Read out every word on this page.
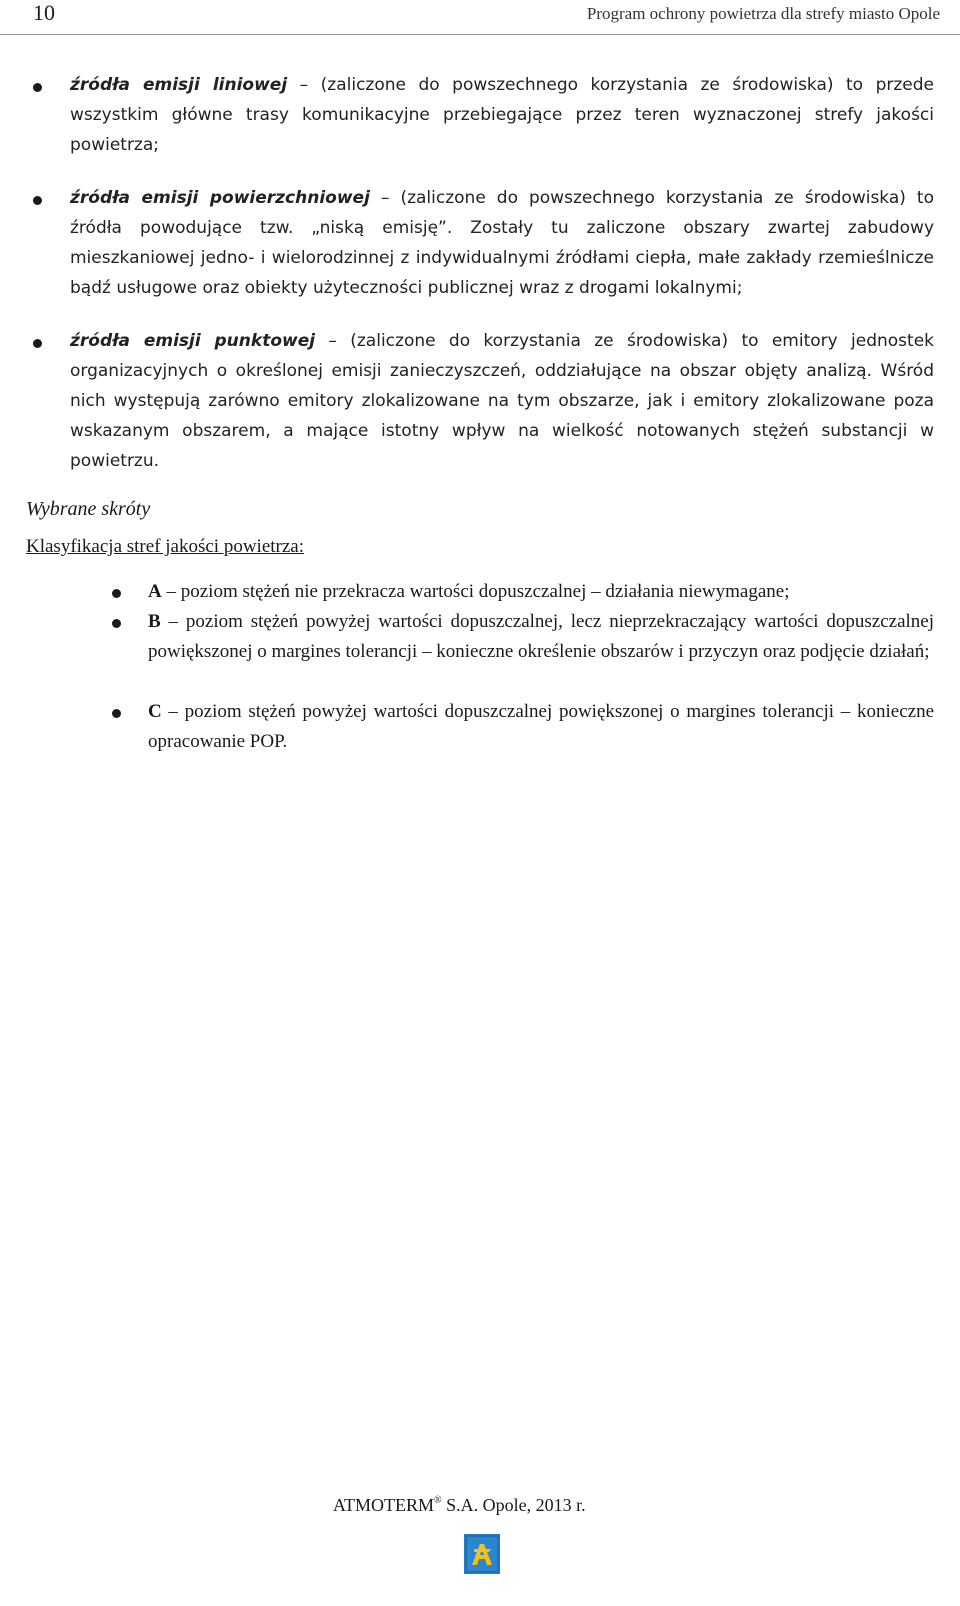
10	Program ochrony powietrza dla strefy miasto Opole

źródła emisji liniowej – (zaliczone do powszechnego korzystania ze środowiska) to przede wszystkim główne trasy komunikacyjne przebiegające przez teren wyznaczonej strefy jakości powietrza;

źródła emisji powierzchniowej – (zaliczone do powszechnego korzystania ze środowiska) to źródła powodujące tzw. „niską emisję”. Zostały tu zaliczone obszary zwartej zabudowy mieszkaniowej jedno- i wielorodzinnej z indywidualnymi źródłami ciepła, małe zakłady rzemieślnicze bądź usługowe oraz obiekty użyteczności publicznej wraz z drogami lokalnymi;

źródła emisji punktowej – (zaliczone do korzystania ze środowiska) to emitory jednostek organizacyjnych o określonej emisji zanieczyszczeń, oddziałujące na obszar objęty analizą. Wśród nich występują zarówno emitory zlokalizowane na tym obszarze, jak i emitory zlokalizowane poza wskazanym obszarem, a mające istotny wpływ na wielkość notowanych stężeń substancji w powietrzu.

Wybrane skróty
Klasyfikacja stref jakości powietrza:

A – poziom stężeń nie przekracza wartości dopuszczalnej – działania niewymagane;

B – poziom stężeń powyżej wartości dopuszczalnej, lecz nieprzekraczający wartości dopuszczalnej powiększonej o margines tolerancji – konieczne określenie obszarów i przyczyn oraz podjęcie działań;

C – poziom stężeń powyżej wartości dopuszczalnej powiększonej o margines tolerancji – konieczne opracowanie POP.

ATMOTERM® S.A. Opole, 2013 r.
